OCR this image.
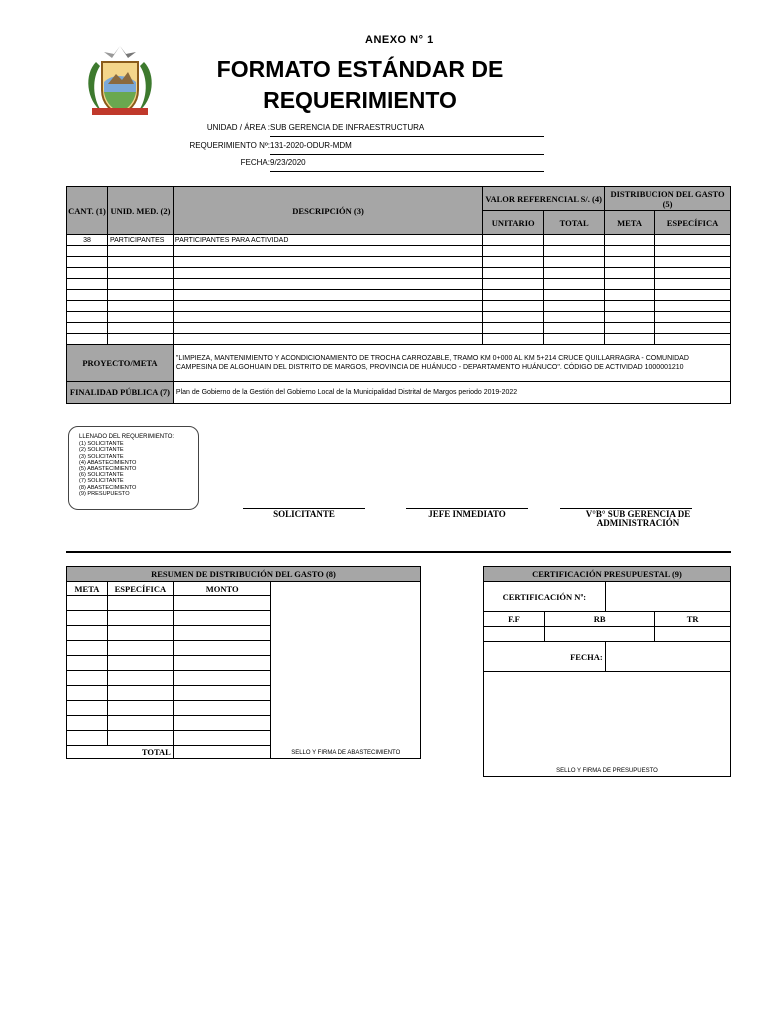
ANEXO N° 1
FORMATO ESTÁNDAR DE
REQUERIMIENTO
UNIDAD / ÁREA : SUB GERENCIA DE INFRAESTRUCTURA
REQUERIMIENTO Nº: 131-2020-ODUR-MDM
FECHA: 9/23/2020
CANT. (1)	UNID. MED. (2)	DESCRIPCIÓN (3)	VALOR REFERENCIAL S/. (4)		DISTRIBUCION DEL GASTO (5)	
			UNITARIO	TOTAL	META	ESPECÍFICA
38	PARTICIPANTES	PARTICIPANTES PARA ACTIVIDAD				

PROYECTO/META		"LIMPIEZA, MANTENIMIENTO Y ACONDICIONAMIENTO DE TROCHA CARROZABLE, TRAMO KM 0+000 AL KM 5+214 CRUCE QUILLARRAGRA - COMUNIDAD CAMPESINA DE ALGOHUAIN DEL DISTRITO DE MARGOS, PROVINCIA DE HUÁNUCO - DEPARTAMENTO HUÁNUCO". CÓDIGO DE ACTIVIDAD 1000001210				
FINALIDAD PÚBLICA (7)		Plan de Gobierno de la Gestión del Gobierno Local de la Municipalidad Distrital de Margos periodo 2019-2022				
LLENADO DEL REQUERIMIENTO:
(1) SOLICITANTE
(2) SOLICITANTE
(3) SOLICITANTE
(4) ABASTECIMIENTO
(5) ABASTECIMIENTO
(6) SOLICITANTE
(7) SOLICITANTE
(8) ABASTECIMIENTO
(9) PRESUPUESTO
SOLICITANTE	JEFE INMEDIATO	V°B° SUB GERENCIA DE
ADMINISTRACIÓN
RESUMEN DE DISTRIBUCIÓN DEL GASTO (8)			
META	ESPECÍFICA	MONTO	SELLO Y FIRMA DE ABASTECIMIENTO

TOTAL			
CERTIFICACIÓN PRESUPUESTAL (9)			
CERTIFICACIÓN Nº:			
F.F	RB		TR

FECHA:			

SELLO Y FIRMA DE PRESUPUESTO			
